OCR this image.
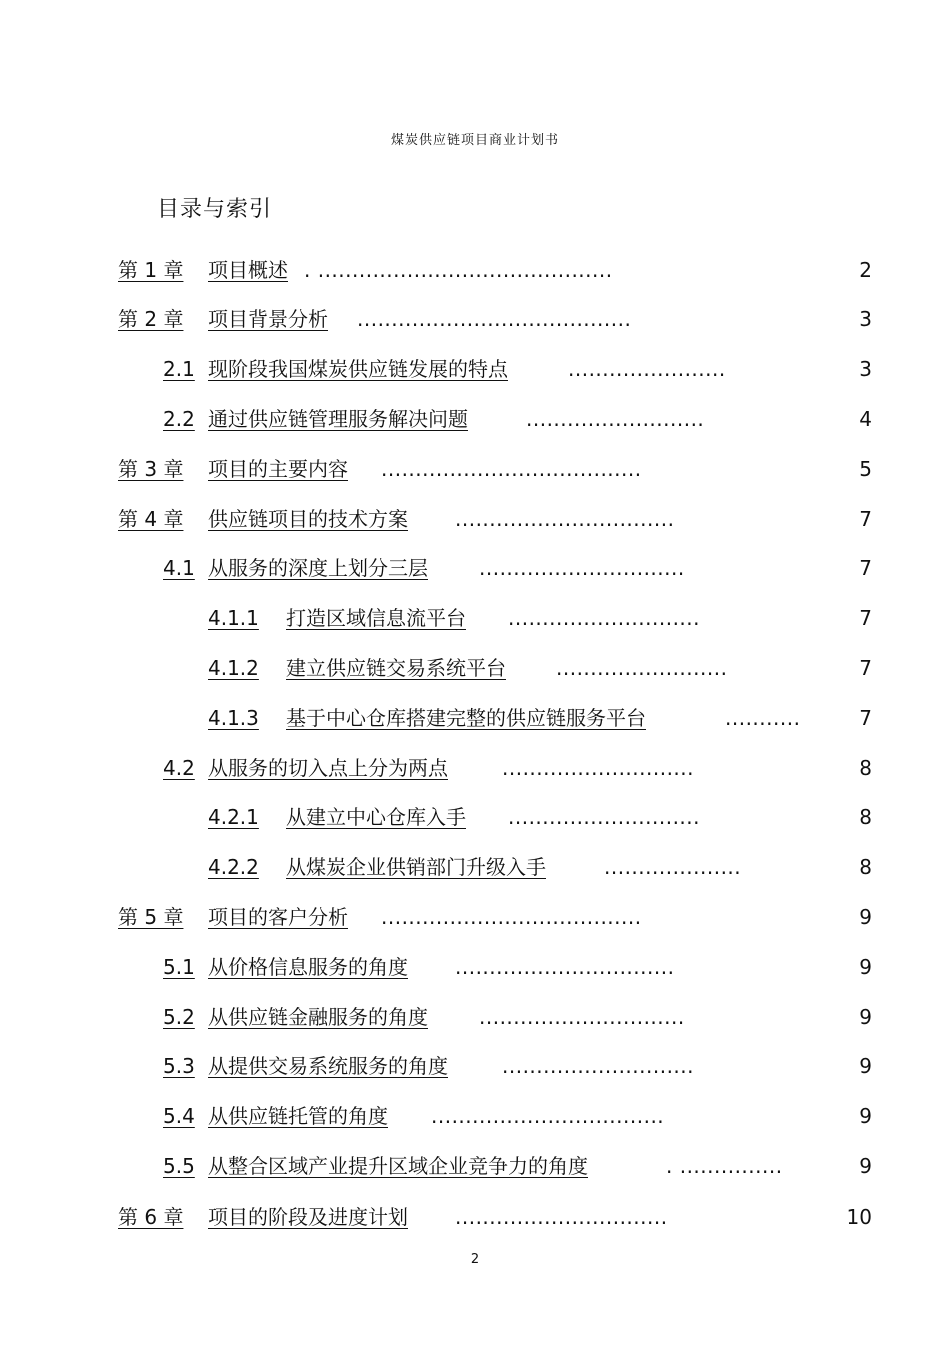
煤炭供应链项目商业计划书
目录与索引
第 1 章 项目概述 . ...........................................	2
第 2 章 项目背景分析 ........................................	3
2.1 现阶段我国煤炭供应链发展的特点	.......................	3
2.2 通过供应链管理服务解决问题	..........................	4
第 3 章 项目的主要内容 ......................................	5
第 4 章 供应链项目的技术方案 ................................	7
4.1 从服务的深度上划分三层	..............................	7
4.1.1 打造区域信息流平台 ............................	7
4.1.2 建立供应链交易系统平台	.........................	7
4.1.3 基于中心仓库搭建完整的供应链服务平台	...........	7
4.2 从服务的切入点上分为两点	............................	8
4.2.1 从建立中心仓库入手 ............................	8
4.2.2 从煤炭企业供销部门升级入手	....................	8
第 5 章 项目的客户分析 ......................................	9
5.1 从价格信息服务的角度 ................................	9
5.2 从供应链金融服务的角度	..............................	9
5.3 从提供交易系统服务的角度	............................	9
5.4 从供应链托管的角度 ..................................	9
5.5 从整合区域产业提升区域企业竞争力的角度	. ...............	9
第 6 章 项目的阶段及进度计划 ...............................	10
2
